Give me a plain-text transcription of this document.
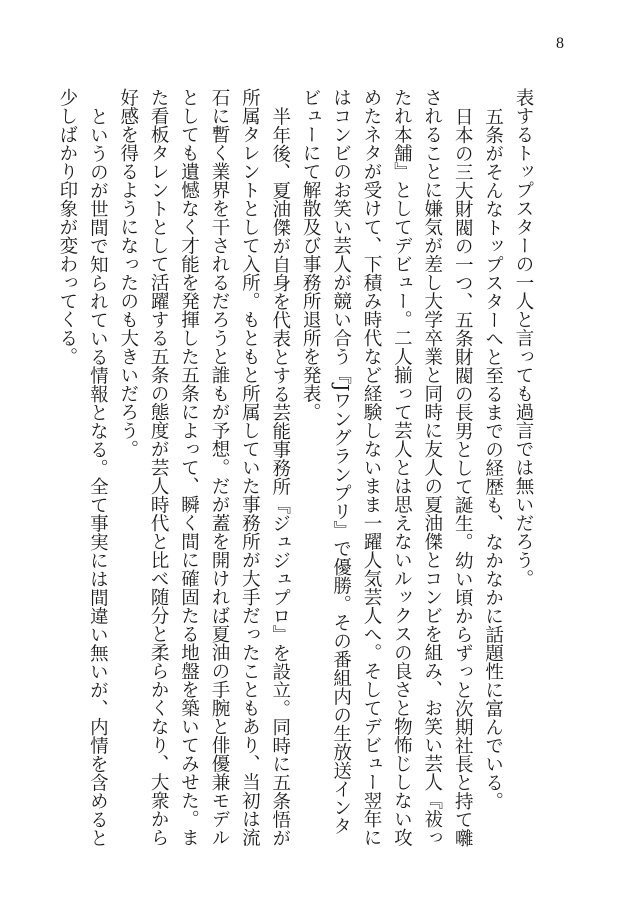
8

表するトップスターの一人と言っても過言では無いだろう。

五条がそんなトップスターへと至るまでの経歴も、なかなかに話題性に富んでいる。

日本の三大財閥の一つ、五条財閥の長男として誕生。幼い頃からずっと次期社長と持て囃されることに嫌気が差し大学卒業と同時に友人の夏油傑とコンビを組み、お笑い芸人『祓ったれ本舗』としてデビュー。二人揃って芸人とは思えないルックスの良さと物怖じしない攻めたネタが受けて、下積み時代など経験しないまま一躍人気芸人へ。そしてデビュー翌年にはコンビのお笑い芸人が競い合う『Jワングランプリ』で優勝。その番組内の生放送インタビューにて解散及び事務所退所を発表。

半年後、夏油傑が自身を代表とする芸能事務所『ジュジュプロ』を設立。同時に五条悟が所属タレントとして入所。もともと所属していた事務所が大手だったこともあり、当初は流石に暫く業界を干されるだろうと誰もが予想。だが蓋を開ければ夏油の手腕と俳優兼モデルとしても遺憾なく才能を発揮した五条によって、瞬く間に確固たる地盤を築いてみせた。また看板タレントとして活躍する五条の態度が芸人時代と比べ随分と柔らかくなり、大衆から好感を得るようになったのも大きいだろう。

というのが世間で知られている情報となる。全て事実には間違い無いが、内情を含めると少しばかり印象が変わってくる。
